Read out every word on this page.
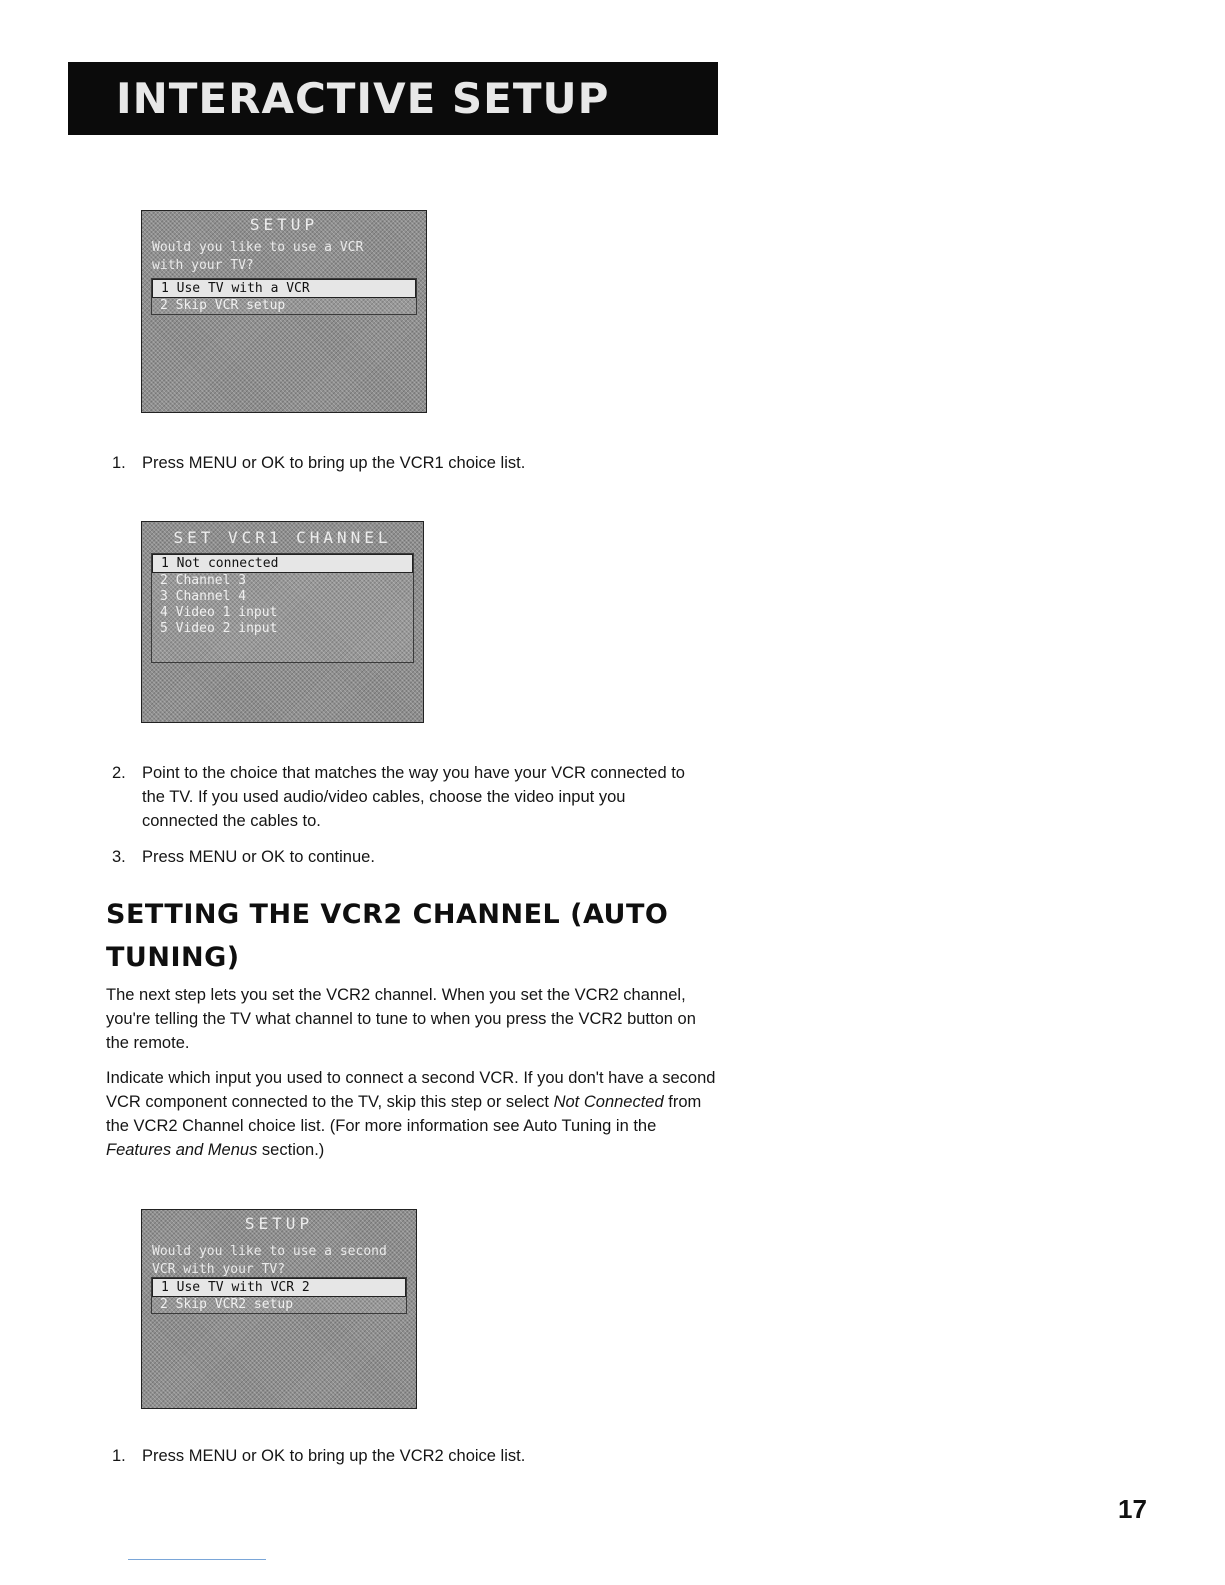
INTERACTIVE SETUP
SETUP
Would you like to use a VCR
with your TV?
1 Use TV with a VCR
2 Skip VCR setup
1. Press MENU or OK to bring up the VCR1 choice list.
SET VCR1 CHANNEL
1 Not connected
2 Channel 3
3 Channel 4
4 Video 1 input
5 Video 2 input
2. Point to the choice that matches the way you have your VCR connected to the TV. If you used audio/video cables, choose the video input you connected the cables to.
3. Press MENU or OK to continue.
SETTING THE VCR2 CHANNEL (AUTO TUNING)

The next step lets you set the VCR2 channel. When you set the VCR2 channel, you're telling the TV what channel to tune to when you press the VCR2 button on the remote.

Indicate which input you used to connect a second VCR. If you don't have a second VCR component connected to the TV, skip this step or select Not Connected from the VCR2 Channel choice list. (For more information see Auto Tuning in the Features and Menus section.)

SETUP
Would you like to use a second
VCR with your TV?
1 Use TV with VCR 2
2 Skip VCR2 setup
1. Press MENU or OK to bring up the VCR2 choice list.
17
